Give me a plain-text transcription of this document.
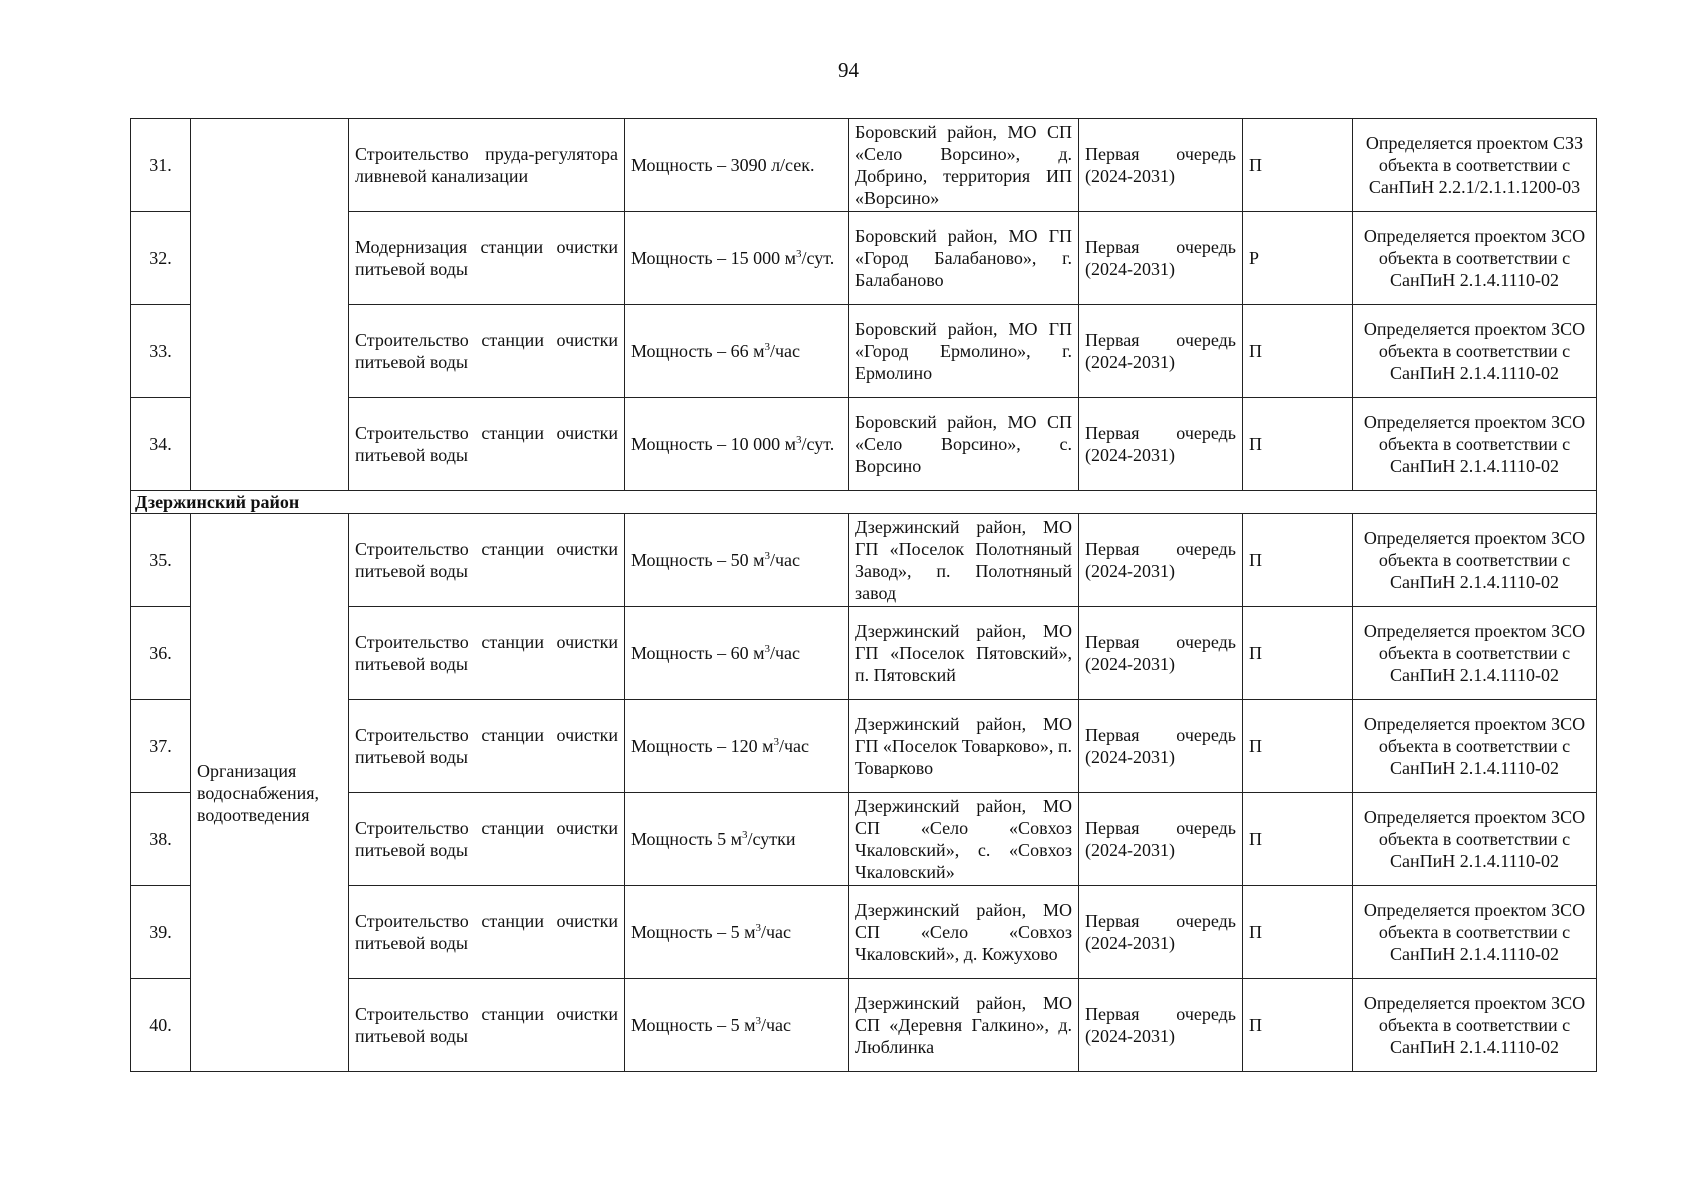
94
31.		Строительство пруда-регулятора ливневой канализации	Мощность – 3090 л/сек.	Боровский район, МО СП «Село Ворсино», д. Добрино, территория ИП «Ворсино»	Первая очередь (2024-2031)	П	Определяется проектом СЗЗ объекта в соответствии с СанПиН 2.2.1/2.1.1.1200-03
32.		Модернизация станции очистки питьевой воды	Мощность – 15 000 $м^3$/сут.	Боровский район, МО ГП «Город Балабаново», г. Балабаново	Первая очередь (2024-2031)	Р	Определяется проектом ЗСО объекта в соответствии с СанПиН 2.1.4.1110-02
33.		Строительство станции очистки питьевой воды	Мощность – 66 $м^3$/час	Боровский район, МО ГП «Город Ермолино», г. Ермолино	Первая очередь (2024-2031)	П	Определяется проектом ЗСО объекта в соответствии с СанПиН 2.1.4.1110-02
34.		Строительство станции очистки питьевой воды	Мощность – 10 000 $м^3$/сут.	Боровский район, МО СП «Село Ворсино», с. Ворсино	Первая очередь (2024-2031)	П	Определяется проектом ЗСО объекта в соответствии с СанПиН 2.1.4.1110-02
Дзержинский район							
35.	Организация водоснабжения, водоотведения	Строительство станции очистки питьевой воды	Мощность – 50 $м^3$/час	Дзержинский район, МО ГП «Поселок Полотняный Завод», п. Полотняный завод	Первая очередь (2024-2031)	П	Определяется проектом ЗСО объекта в соответствии с СанПиН 2.1.4.1110-02
36.		Строительство станции очистки питьевой воды	Мощность – 60 $м^3$/час	Дзержинский район, МО ГП «Поселок Пятовский», п. Пятовский	Первая очередь (2024-2031)	П	Определяется проектом ЗСО объекта в соответствии с СанПиН 2.1.4.1110-02
37.		Строительство станции очистки питьевой воды	Мощность – 120 $м^3$/час	Дзержинский район, МО ГП «Поселок Товарково», п. Товарково	Первая очередь (2024-2031)	П	Определяется проектом ЗСО объекта в соответствии с СанПиН 2.1.4.1110-02
38.		Строительство станции очистки питьевой воды	Мощность 5 $м^3$/сутки	Дзержинский район, МО СП «Село «Совхоз Чкаловский», с. «Совхоз Чкаловский»	Первая очередь (2024-2031)	П	Определяется проектом ЗСО объекта в соответствии с СанПиН 2.1.4.1110-02
39.		Строительство станции очистки питьевой воды	Мощность – 5 $м^3$/час	Дзержинский район, МО СП «Село «Совхоз Чкаловский», д. Кожухово	Первая очередь (2024-2031)	П	Определяется проектом ЗСО объекта в соответствии с СанПиН 2.1.4.1110-02
40.		Строительство станции очистки питьевой воды	Мощность – 5 $м^3$/час	Дзержинский район, МО СП «Деревня Галкино», д. Люблинка	Первая очередь (2024-2031)	П	Определяется проектом ЗСО объекта в соответствии с СанПиН 2.1.4.1110-02
